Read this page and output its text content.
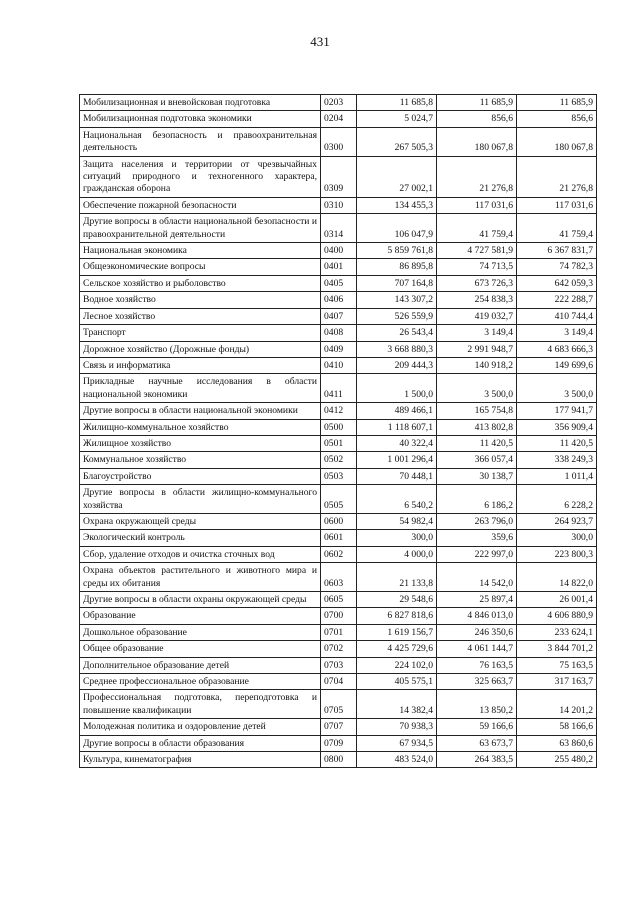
431
Мобилизационная и вневойсковая подготовка	0203	11 685,8	11 685,9	11 685,9
Мобилизационная подготовка экономики	0204	5 024,7	856,6	856,6
Национальная безопасность и правоохранительная деятельность	0300	267 505,3	180 067,8	180 067,8
Защита населения и территории от чрезвычайных ситуаций природного и техногенного характера, гражданская оборона	0309	27 002,1	21 276,8	21 276,8
Обеспечение пожарной безопасности	0310	134 455,3	117 031,6	117 031,6
Другие вопросы в области национальной безопасности и правоохранительной деятельности	0314	106 047,9	41 759,4	41 759,4
Национальная экономика	0400	5 859 761,8	4 727 581,9	6 367 831,7
Общеэкономические вопросы	0401	86 895,8	74 713,5	74 782,3
Сельское хозяйство и рыболовство	0405	707 164,8	673 726,3	642 059,3
Водное хозяйство	0406	143 307,2	254 838,3	222 288,7
Лесное хозяйство	0407	526 559,9	419 032,7	410 744,4
Транспорт	0408	26 543,4	3 149,4	3 149,4
Дорожное хозяйство (Дорожные фонды)	0409	3 668 880,3	2 991 948,7	4 683 666,3
Связь и информатика	0410	209 444,3	140 918,2	149 699,6
Прикладные научные исследования в области национальной экономики	0411	1 500,0	3 500,0	3 500,0
Другие вопросы в области национальной экономики	0412	489 466,1	165 754,8	177 941,7
Жилищно-коммунальное хозяйство	0500	1 118 607,1	413 802,8	356 909,4
Жилищное хозяйство	0501	40 322,4	11 420,5	11 420,5
Коммунальное хозяйство	0502	1 001 296,4	366 057,4	338 249,3
Благоустройство	0503	70 448,1	30 138,7	1 011,4
Другие вопросы в области жилищно-коммунального хозяйства	0505	6 540,2	6 186,2	6 228,2
Охрана окружающей среды	0600	54 982,4	263 796,0	264 923,7
Экологический контроль	0601	300,0	359,6	300,0
Сбор, удаление отходов и очистка сточных вод	0602	4 000,0	222 997,0	223 800,3
Охрана объектов растительного и животного мира и среды их обитания	0603	21 133,8	14 542,0	14 822,0
Другие вопросы в области охраны окружающей среды	0605	29 548,6	25 897,4	26 001,4
Образование	0700	6 827 818,6	4 846 013,0	4 606 880,9
Дошкольное образование	0701	1 619 156,7	246 350,6	233 624,1
Общее образование	0702	4 425 729,6	4 061 144,7	3 844 701,2
Дополнительное образование детей	0703	224 102,0	76 163,5	75 163,5
Среднее профессиональное образование	0704	405 575,1	325 663,7	317 163,7
Профессиональная подготовка, переподготовка и повышение квалификации	0705	14 382,4	13 850,2	14 201,2
Молодежная политика и оздоровление детей	0707	70 938,3	59 166,6	58 166,6
Другие вопросы в области образования	0709	67 934,5	63 673,7	63 860,6
Культура, кинематография	0800	483 524,0	264 383,5	255 480,2
